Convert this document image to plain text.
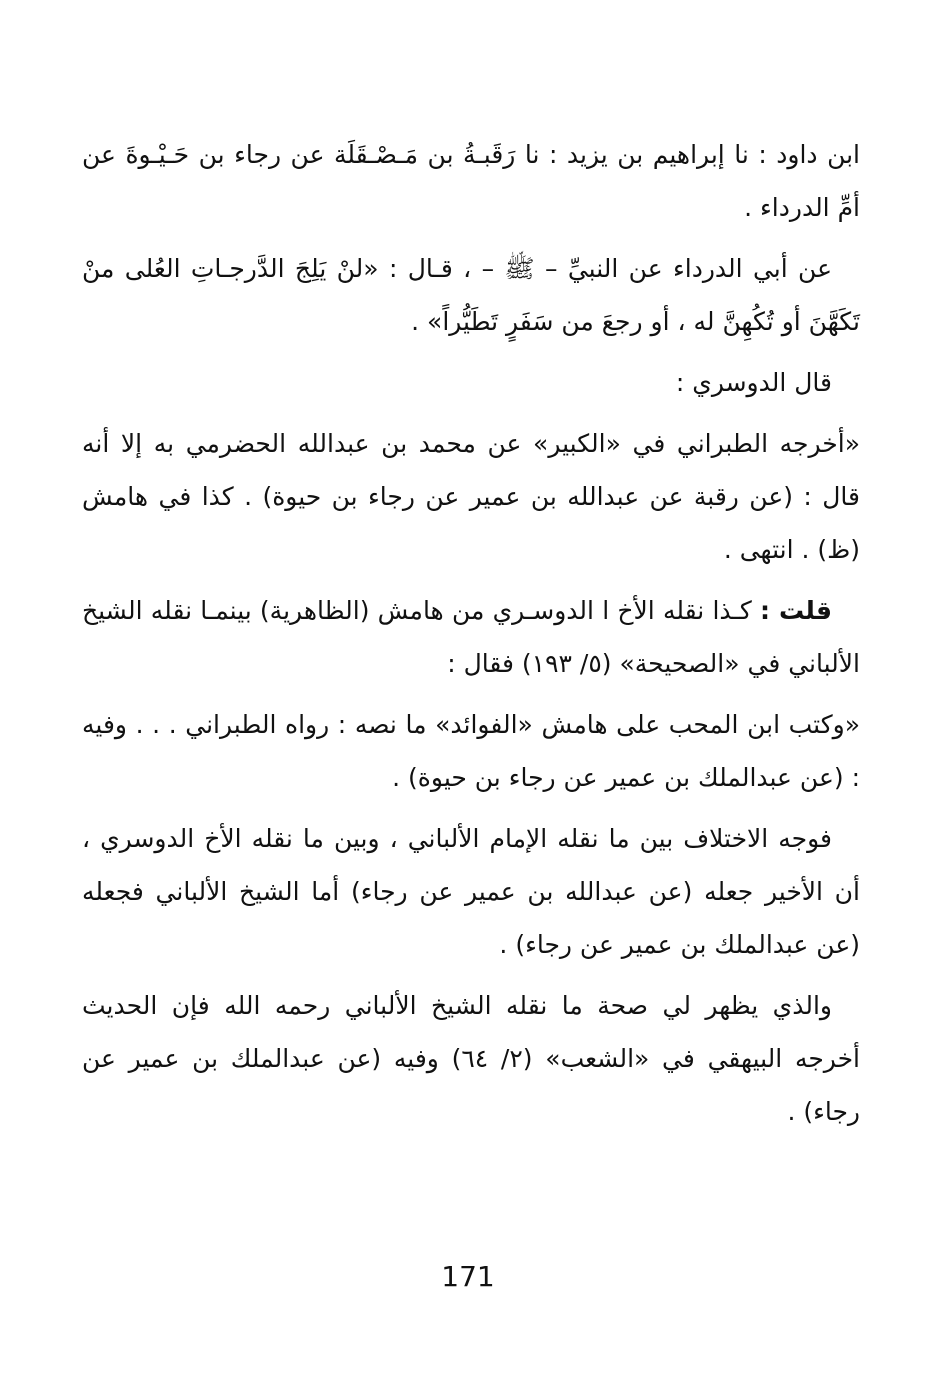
ابن داود : نا إبراهيم بن يزيد : نا رَقَبـةُ بن مَـصْـقَلَة عن رجاء بن حَـيْـوةَ عن أمِّ الدرداء .

عن أبي الدرداء عن النبيِّ – ﷺ – ، قـال : «لنْ يَلِجَ الدَّرجـاتِ العُلى منْ تَكَهَّنَ أو تُكُهِنَّ له ، أو رجعَ من سَفَرٍ تَطَيُّراً» .

قال الدوسري :

«أخرجه الطبراني في «الكبير» عن محمد بن عبدالله الحضرمي به إلا أنه قال : (عن رقبة عن عبدالله بن عمير عن رجاء بن حيوة) . كذا في هامش (ظ) . انتهى .

قلت : كـذا نقله الأخ ا الدوسـري من هامش (الظاهرية) بينمـا نقله الشيخ الألباني في «الصحيحة» (٥/ ١٩٣) فقال :

«وكتب ابن المحب على هامش «الفوائد» ما نصه : رواه الطبراني . . . وفيه : (عن عبدالملك بن عمير عن رجاء بن حيوة) .

فوجه الاختلاف بين ما نقله الإمام الألباني ، وبين ما نقله الأخ الدوسري ، أن الأخير جعله (عن عبدالله بن عمير عن رجاء) أما الشيخ الألباني فجعله (عن عبدالملك بن عمير عن رجاء) .

والذي يظهر لي صحة ما نقله الشيخ الألباني رحمه الله فإن الحديث أخرجه البيهقي في «الشعب» (٢/ ٦٤) وفيه (عن عبدالملك بن عمير عن رجاء) .

171
